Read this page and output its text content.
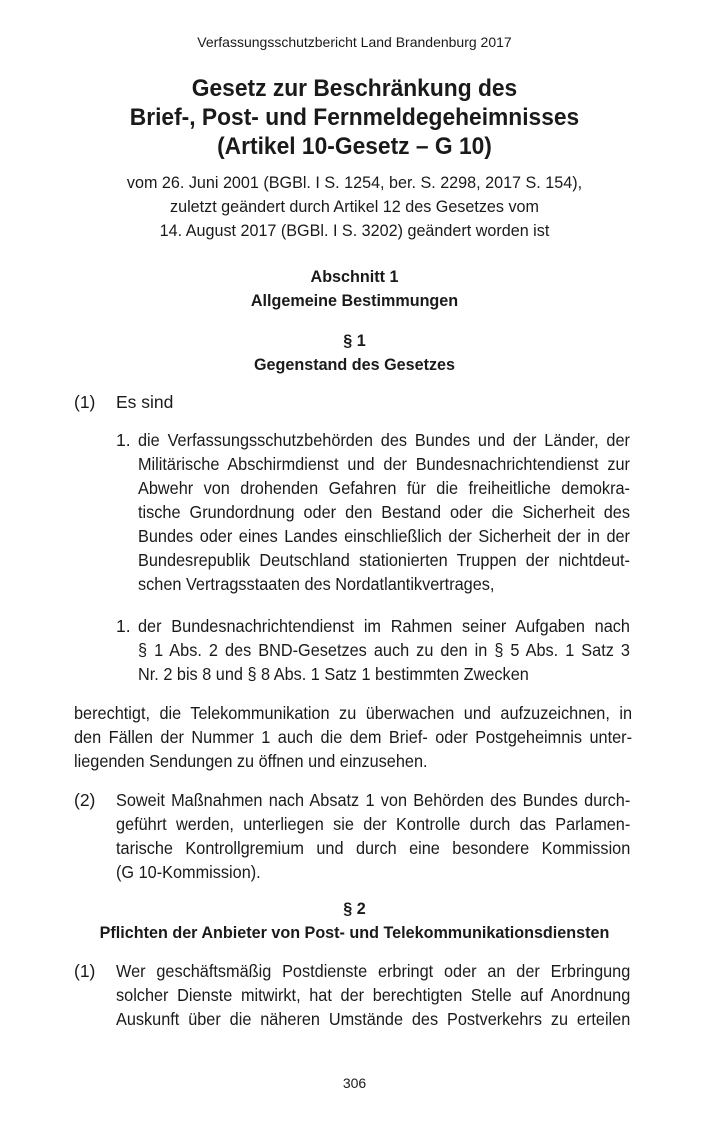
Verfassungsschutzbericht Land Brandenburg 2017
Gesetz zur Beschränkung des
Brief-, Post- und Fernmeldegeheimnisses
(Artikel 10-Gesetz – G 10)
vom 26. Juni 2001 (BGBl. I S. 1254, ber. S. 2298, 2017 S. 154),
zuletzt geändert durch Artikel 12 des Gesetzes vom
14. August 2017 (BGBl. I S. 3202) geändert worden ist
Abschnitt 1
Allgemeine Bestimmungen
§ 1
Gegenstand des Gesetzes
(1) Es sind
1. die Verfassungsschutzbehörden des Bundes und der Länder, der
Militärische Abschirmdienst und der Bundesnachrichtendienst zur
Abwehr von drohenden Gefahren für die freiheitliche demokra-
tische Grundordnung oder den Bestand oder die Sicherheit des
Bundes oder eines Landes einschließlich der Sicherheit der in der
Bundesrepublik Deutschland stationierten Truppen der nichtdeut-
schen Vertragsstaaten des Nordatlantikvertrages,
1. der Bundesnachrichtendienst im Rahmen seiner Aufgaben nach
§ 1 Abs. 2 des BND-Gesetzes auch zu den in § 5 Abs. 1 Satz 3
Nr. 2 bis 8 und § 8 Abs. 1 Satz 1 bestimmten Zwecken
berechtigt, die Telekommunikation zu überwachen und aufzuzeichnen, in
den Fällen der Nummer 1 auch die dem Brief- oder Postgeheimnis unter-
liegenden Sendungen zu öffnen und einzusehen.
(2) Soweit Maßnahmen nach Absatz 1 von Behörden des Bundes durch-
geführt werden, unterliegen sie der Kontrolle durch das Parlamen-
tarische Kontrollgremium und durch eine besondere Kommission
(G 10-Kommission).
§ 2
Pflichten der Anbieter von Post- und Telekommunikationsdiensten
(1) Wer geschäftsmäßig Postdienste erbringt oder an der Erbringung
solcher Dienste mitwirkt, hat der berechtigten Stelle auf Anordnung
Auskunft über die näheren Umstände des Postverkehrs zu erteilen
306
